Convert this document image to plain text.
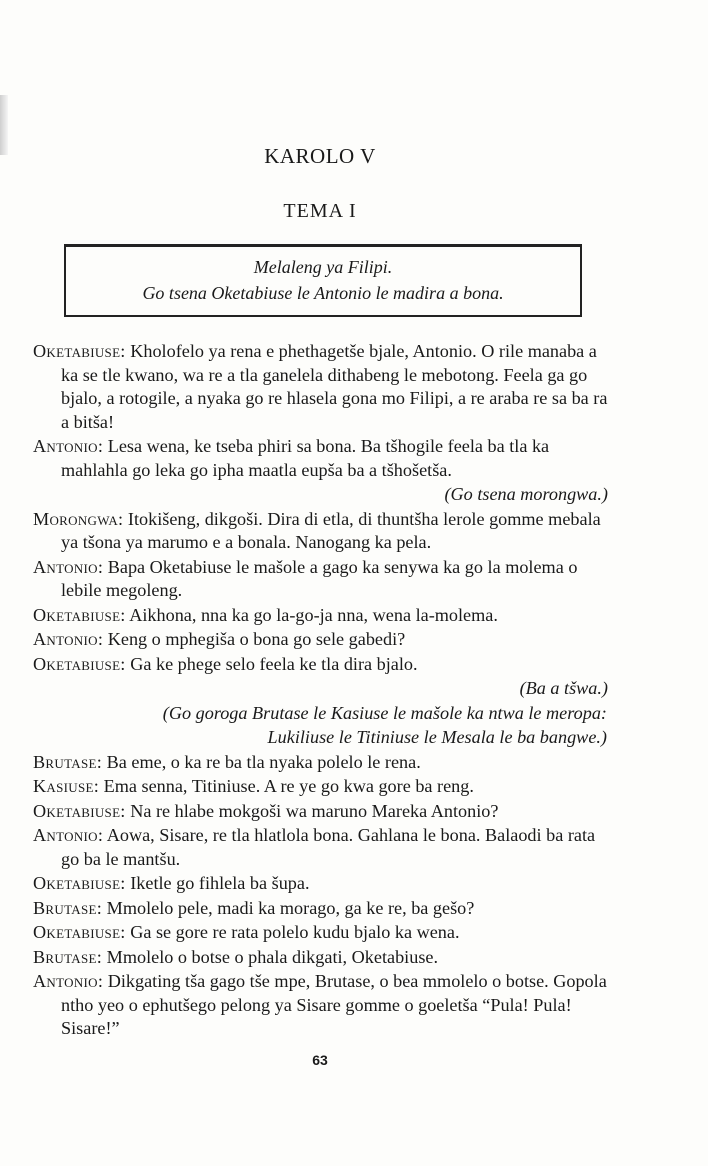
KAROLO V
TEMA I
Melaleng ya Filipi.
Go tsena Oketabiuse le Antonio le madira a bona.
Oketabiuse: Kholofelo ya rena e phethagetše bjale, Antonio. O rile manaba a ka se tle kwano, wa re a tla ganelela dithabeng le mebotong. Feela ga go bjalo, a rotogile, a nyaka go re hlasela gona mo Filipi, a re araba re sa ba ra a bitša!
Antonio: Lesa wena, ke tseba phiri sa bona. Ba tšhogile feela ba tla ka mahlahla go leka go ipha maatla eupša ba a tšhošetša.
(Go tsena morongwa.)
Morongwa: Itokišeng, dikgoši. Dira di etla, di thuntšha lerole gomme mebala ya tšona ya marumo e a bonala. Nanogang ka pela.
Antonio: Bapa Oketabiuse le mašole a gago ka senywa ka go la molema o lebile megoleng.
Oketabiuse: Aikhona, nna ka go la-go-ja nna, wena la-molema.
Antonio: Keng o mphegiša o bona go sele gabedi?
Oketabiuse: Ga ke phege selo feela ke tla dira bjalo.
(Ba a tšwa.)
(Go goroga Brutase le Kasiuse le mašole ka ntwa le meropa:
Lukiliuse le Titiniuse le Mesala le ba bangwe.)
Brutase: Ba eme, o ka re ba tla nyaka polelo le rena.
Kasiuse: Ema senna, Titiniuse. A re ye go kwa gore ba reng.
Oketabiuse: Na re hlabe mokgoši wa maruno Mareka Antonio?
Antonio: Aowa, Sisare, re tla hlatlola bona. Gahlana le bona. Balaodi ba rata go ba le mantšu.
Oketabiuse: Iketle go fihlela ba šupa.
Brutase: Mmolelo pele, madi ka morago, ga ke re, ba gešo?
Oketabiuse: Ga se gore re rata polelo kudu bjalo ka wena.
Brutase: Mmolelo o botse o phala dikgati, Oketabiuse.
Antonio: Dikgating tša gago tše mpe, Brutase, o bea mmolelo o botse. Gopola ntho yeo o ephutšego pelong ya Sisare gomme o goeletša “Pula! Pula! Sisare!”
63
